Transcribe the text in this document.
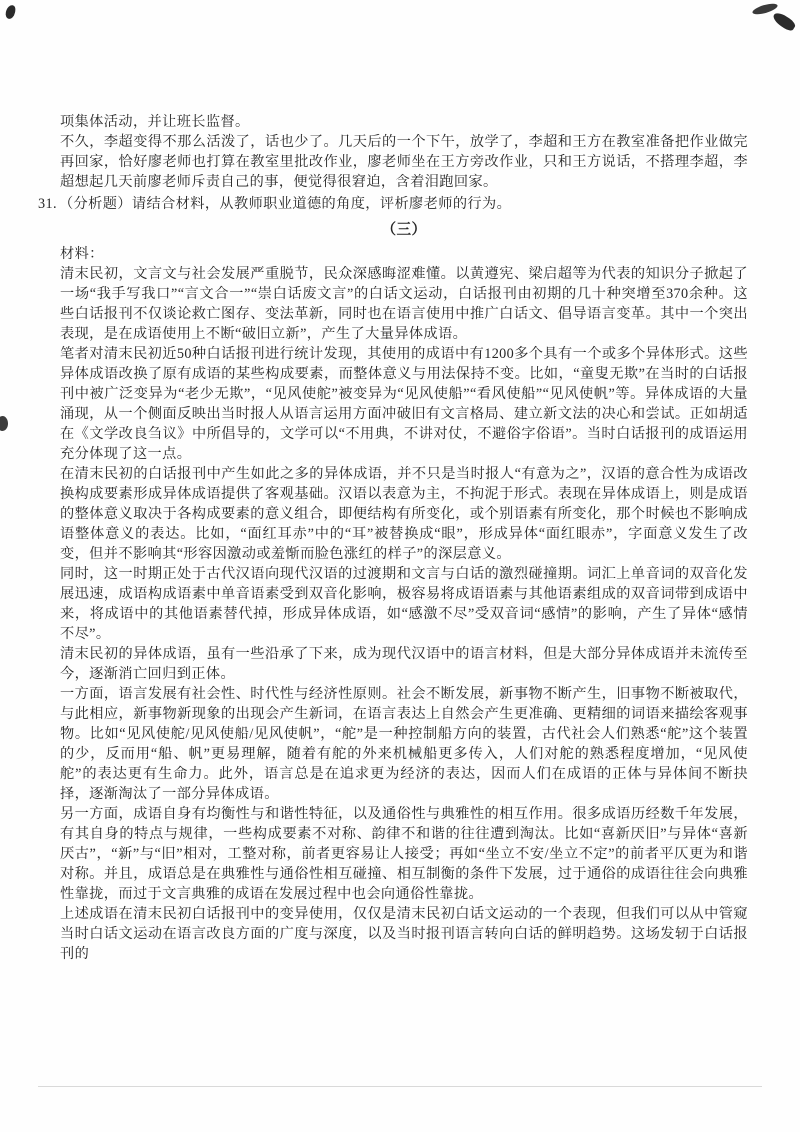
项集体活动，并让班长监督。

不久，李超变得不那么活泼了，话也少了。几天后的一个下午，放学了，李超和王方在教室准备把作业做完再回家，恰好廖老师也打算在教室里批改作业，廖老师坐在王方旁改作业，只和王方说话，不搭理李超，李超想起几天前廖老师斥责自己的事，便觉得很窘迫，含着泪跑回家。

31. （分析题）请结合材料，从教师职业道德的角度，评析廖老师的行为。

（三）

材料：

清末民初，文言文与社会发展严重脱节，民众深感晦涩难懂。以黄遵宪、梁启超等为代表的知识分子掀起了一场“我手写我口”“言文合一”“崇白话废文言”的白话文运动，白话报刊由初期的几十种突增至370余种。这些白话报刊不仅谈论救亡图存、变法革新，同时也在语言使用中推广白话文、倡导语言变革。其中一个突出表现，是在成语使用上不断“破旧立新”，产生了大量异体成语。

笔者对清末民初近50种白话报刊进行统计发现，其使用的成语中有1200多个具有一个或多个异体形式。这些异体成语改换了原有成语的某些构成要素，而整体意义与用法保持不变。比如，“童叟无欺”在当时的白话报刊中被广泛变异为“老少无欺”，“见风使舵”被变异为“见风使船”“看风使船”“见风使帆”等。异体成语的大量涌现，从一个侧面反映出当时报人从语言运用方面冲破旧有文言格局、建立新文法的决心和尝试。正如胡适在《文学改良刍议》中所倡导的，文学可以“不用典，不讲对仗，不避俗字俗语”。当时白话报刊的成语运用充分体现了这一点。

在清末民初的白话报刊中产生如此之多的异体成语，并不只是当时报人“有意为之”，汉语的意合性为成语改换构成要素形成异体成语提供了客观基础。汉语以表意为主，不拘泥于形式。表现在异体成语上，则是成语的整体意义取决于各构成要素的意义组合，即便结构有所变化，或个别语素有所变化，那个时候也不影响成语整体意义的表达。比如，“面红耳赤”中的“耳”被替换成“眼”，形成异体“面红眼赤”，字面意义发生了改变，但并不影响其“形容因激动或羞惭而脸色涨红的样子”的深层意义。

同时，这一时期正处于古代汉语向现代汉语的过渡期和文言与白话的激烈碰撞期。词汇上单音词的双音化发展迅速，成语构成语素中单音语素受到双音化影响，极容易将成语语素与其他语素组成的双音词带到成语中来，将成语中的其他语素替代掉，形成异体成语，如“感激不尽”受双音词“感情”的影响，产生了异体“感情不尽”。

清末民初的异体成语，虽有一些沿承了下来，成为现代汉语中的语言材料，但是大部分异体成语并未流传至今，逐渐消亡回归到正体。

一方面，语言发展有社会性、时代性与经济性原则。社会不断发展，新事物不断产生，旧事物不断被取代，与此相应，新事物新现象的出现会产生新词，在语言表达上自然会产生更准确、更精细的词语来描绘客观事物。比如“见风使舵/见风使船/见风使帆”，“舵”是一种控制船方向的装置，古代社会人们熟悉“舵”这个装置的少，反而用“船、帆”更易理解，随着有舵的外来机械船更多传入，人们对舵的熟悉程度增加，“见风使舵”的表达更有生命力。此外，语言总是在追求更为经济的表达，因而人们在成语的正体与异体间不断抉择，逐渐淘汰了一部分异体成语。

另一方面，成语自身有均衡性与和谐性特征，以及通俗性与典雅性的相互作用。很多成语历经数千年发展，有其自身的特点与规律，一些构成要素不对称、韵律不和谐的往往遭到淘汰。比如“喜新厌旧”与异体“喜新厌古”，“新”与“旧”相对，工整对称，前者更容易让人接受；再如“坐立不安/坐立不定”的前者平仄更为和谐对称。并且，成语总是在典雅性与通俗性相互碰撞、相互制衡的条件下发展，过于通俗的成语往往会向典雅性靠拢，而过于文言典雅的成语在发展过程中也会向通俗性靠拢。

上述成语在清末民初白话报刊中的变异使用，仅仅是清末民初白话文运动的一个表现，但我们可以从中管窥当时白话文运动在语言改良方面的广度与深度，以及当时报刊语言转向白话的鲜明趋势。这场发轫于白话报刊的
